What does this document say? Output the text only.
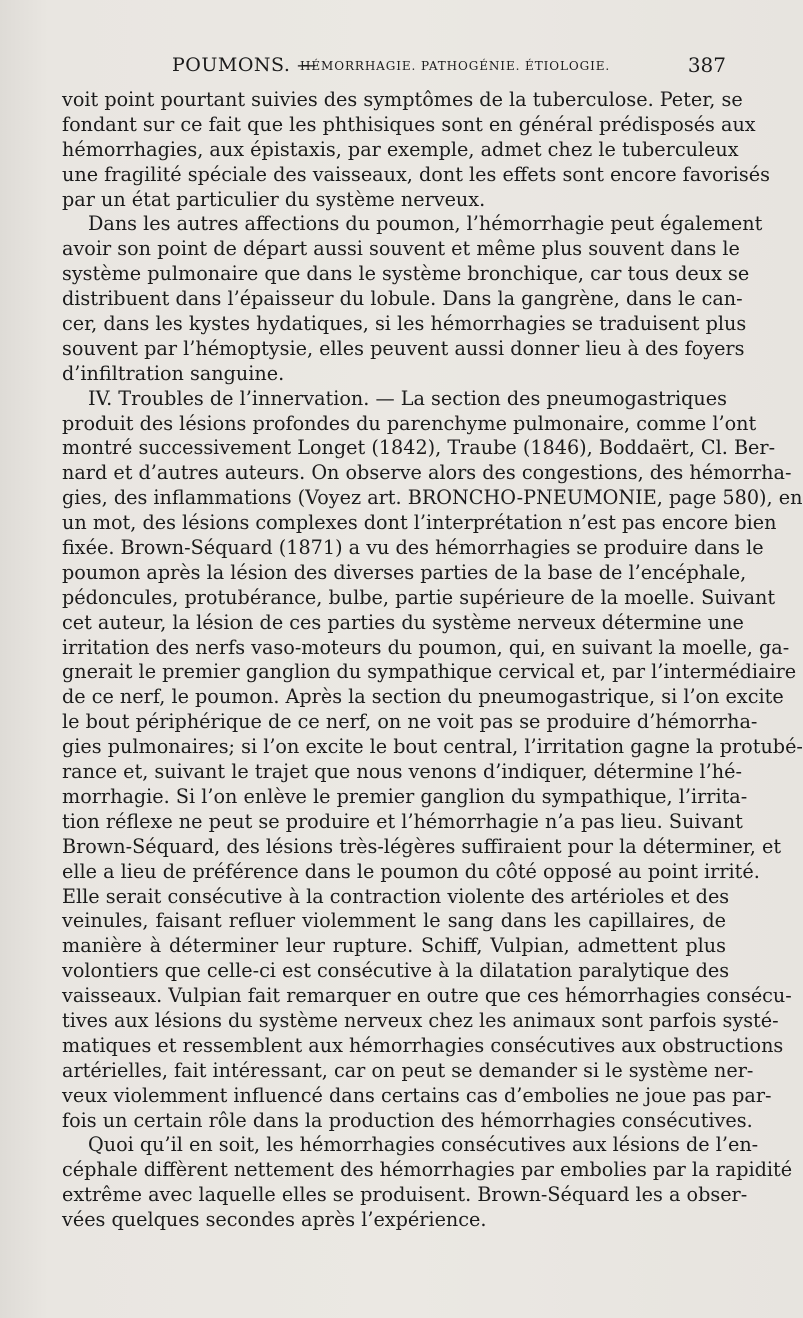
POUMONS. —
HÉMORRHAGIE. PATHOGÉNIE. ÉTIOLOGIE.	387
voit point pourtant suivies des symptômes de la tuberculose. Peter, se
fondant sur ce fait que les phthisiques sont en général prédisposés aux
hémorrhagies, aux épistaxis, par exemple, admet chez le tuberculeux
une fragilité spéciale des vaisseaux, dont les effets sont encore favorisés
par un état particulier du système nerveux.
Dans les autres affections du poumon, l’hémorrhagie peut également
avoir son point de départ aussi souvent et même plus souvent dans le
système pulmonaire que dans le système bronchique, car tous deux se
distribuent dans l’épaisseur du lobule. Dans la gangrène, dans le can-
cer, dans les kystes hydatiques, si les hémorrhagies se traduisent plus
souvent par l’hémoptysie, elles peuvent aussi donner lieu à des foyers
d’infiltration sanguine.
IV. Troubles de l’innervation. — La section des pneumogastriques
produit des lésions profondes du parenchyme pulmonaire, comme l’ont
montré successivement Longet (1842), Traube (1846), Boddaërt, Cl. Ber-
nard et d’autres auteurs. On observe alors des congestions, des hémorrha-
gies, des inflammations (Voyez art. BRONCHO-PNEUMONIE, page 580), en
un mot, des lésions complexes dont l’interprétation n’est pas encore bien
fixée. Brown-Séquard (1871) a vu des hémorrhagies se produire dans le
poumon après la lésion des diverses parties de la base de l’encéphale,
pédoncules, protubérance, bulbe, partie supérieure de la moelle. Suivant
cet auteur, la lésion de ces parties du système nerveux détermine une
irritation des nerfs vaso-moteurs du poumon, qui, en suivant la moelle, ga-
gnerait le premier ganglion du sympathique cervical et, par l’intermédiaire
de ce nerf, le poumon. Après la section du pneumogastrique, si l’on excite
le bout périphérique de ce nerf, on ne voit pas se produire d’hémorrha-
gies pulmonaires; si l’on excite le bout central, l’irritation gagne la protubé-
rance et, suivant le trajet que nous venons d’indiquer, détermine l’hé-
morrhagie. Si l’on enlève le premier ganglion du sympathique, l’irrita-
tion réflexe ne peut se produire et l’hémorrhagie n’a pas lieu. Suivant
Brown-Séquard, des lésions très-légères suffiraient pour la déterminer, et
elle a lieu de préférence dans le poumon du côté opposé au point irrité.
Elle serait consécutive à la contraction violente des artérioles et des
veinules, faisant refluer violemment le sang dans les capillaires, de
manière à déterminer leur rupture. Schiff, Vulpian, admettent plus
volontiers que celle-ci est consécutive à la dilatation paralytique des
vaisseaux. Vulpian fait remarquer en outre que ces hémorrhagies consécu-
tives aux lésions du système nerveux chez les animaux sont parfois systé-
matiques et ressemblent aux hémorrhagies consécutives aux obstructions
artérielles, fait intéressant, car on peut se demander si le système ner-
veux violemment influencé dans certains cas d’embolies ne joue pas par-
fois un certain rôle dans la production des hémorrhagies consécutives.
Quoi qu’il en soit, les hémorrhagies consécutives aux lésions de l’en-
céphale diffèrent nettement des hémorrhagies par embolies par la rapidité
extrême avec laquelle elles se produisent. Brown-Séquard les a obser-
vées quelques secondes après l’expérience.
